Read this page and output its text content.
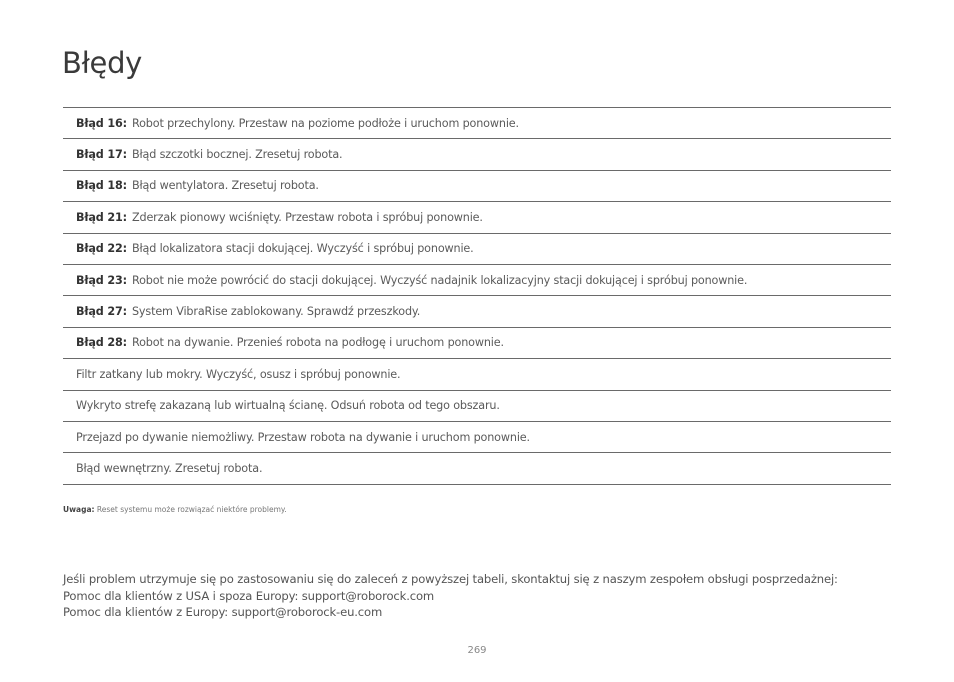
Błędy
Błąd 16: Robot przechylony. Przestaw na poziome podłoże i uruchom ponownie.
Błąd 17: Błąd szczotki bocznej. Zresetuj robota.
Błąd 18: Błąd wentylatora. Zresetuj robota.
Błąd 21: Zderzak pionowy wciśnięty. Przestaw robota i spróbuj ponownie.
Błąd 22: Błąd lokalizatora stacji dokującej. Wyczyść i spróbuj ponownie.
Błąd 23: Robot nie może powrócić do stacji dokującej. Wyczyść nadajnik lokalizacyjny stacji dokującej i spróbuj ponownie.
Błąd 27: System VibraRise zablokowany. Sprawdź przeszkody.
Błąd 28: Robot na dywanie. Przenieś robota na podłogę i uruchom ponownie.
Filtr zatkany lub mokry. Wyczyść, osusz i spróbuj ponownie.
Wykryto strefę zakazaną lub wirtualną ścianę. Odsuń robota od tego obszaru.
Przejazd po dywanie niemożliwy. Przestaw robota na dywanie i uruchom ponownie.
Błąd wewnętrzny. Zresetuj robota.
Uwaga: Reset systemu może rozwiązać niektóre problemy.
Jeśli problem utrzymuje się po zastosowaniu się do zaleceń z powyższej tabeli, skontaktuj się z naszym zespołem obsługi posprzedażnej:
Pomoc dla klientów z USA i spoza Europy: support@roborock.com
Pomoc dla klientów z Europy: support@roborock-eu.com
269
